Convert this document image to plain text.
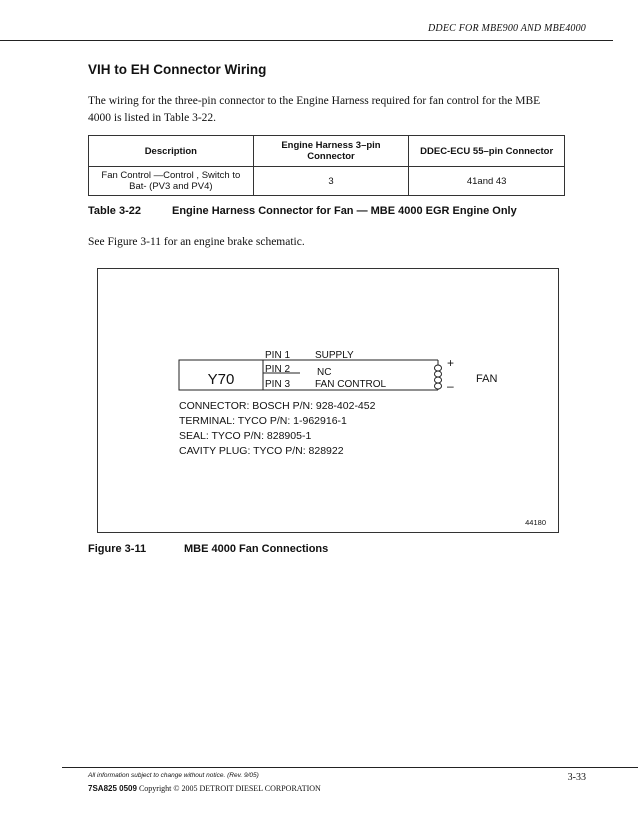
DDEC FOR MBE900 AND MBE4000
VIH to EH Connector Wiring
The wiring for the three-pin connector to the Engine Harness required for fan control for the MBE 4000 is listed in Table 3-22.
Description	Engine Harness 3–pin Connector	DDEC-ECU 55–pin Connector
Fan Control —Control , Switch to Bat- (PV3 and PV4)	3	41and 43
Table 3-22	Engine Harness Connector for Fan — MBE 4000 EGR Engine Only
See Figure 3-11 for an engine brake schematic.
Y70
PIN 1
PIN 2
PIN 3
SUPPLY
NC
FAN CONTROL
+
– FAN
CONNECTOR: BOSCH P/N: 928-402-452
TERMINAL: TYCO P/N: 1-962916-1
SEAL: TYCO P/N: 828905-1
CAVITY PLUG: TYCO P/N: 828922
44180
Figure 3-11	MBE 4000 Fan Connections
All information subject to change without notice. (Rev. 9/05)
7SA825 0509 Copyright © 2005 DETROIT DIESEL CORPORATION
3-33
